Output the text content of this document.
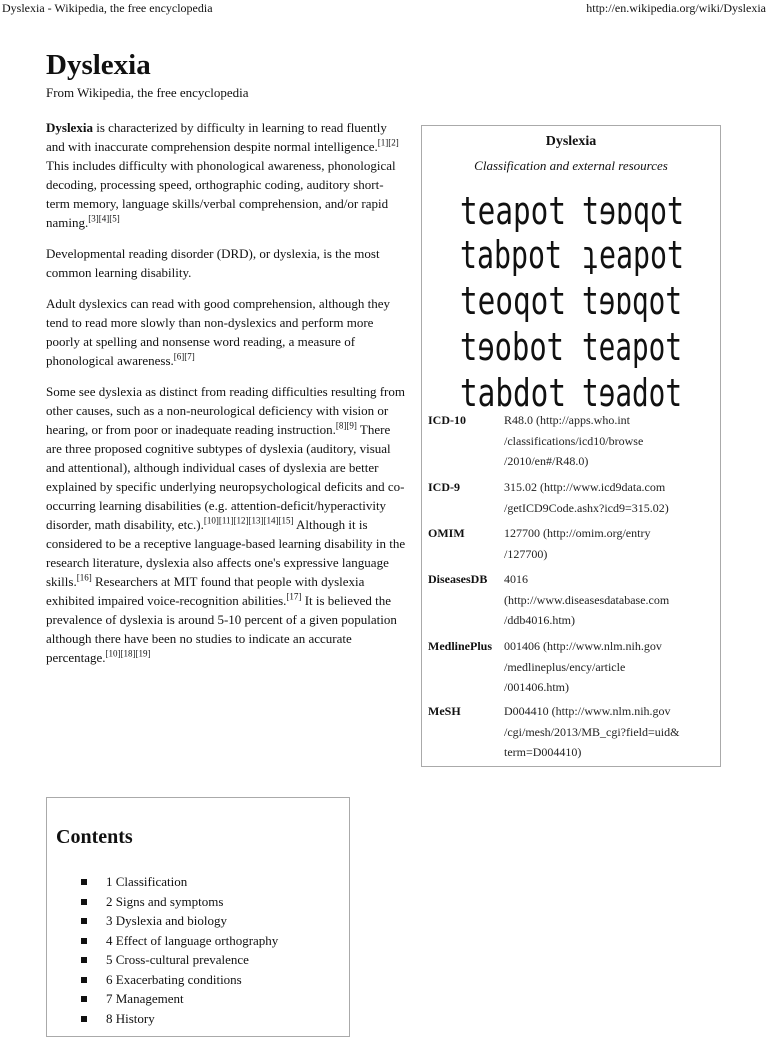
Dyslexia - Wikipedia, the free encyclopedia	http://en.wikipedia.org/wiki/Dyslexia
Dyslexia
From Wikipedia, the free encyclopedia

Dyslexia is characterized by difficulty in learning to read fluently and with inaccurate comprehension despite normal intelligence.[1][2] This includes difficulty with phonological awareness, phonological decoding, processing speed, orthographic coding, auditory short-term memory, language skills/verbal comprehension, and/or rapid naming.[3][4][5]

Developmental reading disorder (DRD), or dyslexia, is the most common learning disability.

Adult dyslexics can read with good comprehension, although they tend to read more slowly than non-dyslexics and perform more poorly at spelling and nonsense word reading, a measure of phonological awareness.[6][7]

Some see dyslexia as distinct from reading difficulties resulting from other causes, such as a non-neurological deficiency with vision or hearing, or from poor or inadequate reading instruction.[8][9] There are three proposed cognitive subtypes of dyslexia (auditory, visual and attentional), although individual cases of dyslexia are better explained by specific underlying neuropsychological deficits and co-occurring learning disabilities (e.g. attention-deficit/hyperactivity disorder, math disability, etc.).[10][11][12][13][14][15] Although it is considered to be a receptive language-based learning disability in the research literature, dyslexia also affects one's expressive language skills.[16] Researchers at MIT found that people with dyslexia exhibited impaired voice-recognition abilities.[17] It is believed the prevalence of dyslexia is around 5-10 percent of a given population although there have been no studies to indicate an accurate percentage.[10][18][19]

Dyslexia
Classification and external resources
teapot tɘɒqot
tabpot ʇeapot
teoqot tɘɒqot
tɘobot teapot
tabdot tɘadot
ICD-10	R48.0 (http://apps.who.int
/classifications/icd10/browse
/2010/en#/R48.0)
ICD-9	315.02 (http://www.icd9data.com
/getICD9Code.ashx?icd9=315.02)
OMIM	127700 (http://omim.org/entry
/127700)
DiseasesDB	4016
(http://www.diseasesdatabase.com
/ddb4016.htm)
MedlinePlus 001406 (http://www.nlm.nih.gov
/medlineplus/ency/article
/001406.htm)
MeSH	D004410 (http://www.nlm.nih.gov
/cgi/mesh/2013/MB_cgi?field=uid&
term=D004410)
Contents
1 Classification
2 Signs and symptoms
3 Dyslexia and biology
4 Effect of language orthography
5 Cross-cultural prevalence
6 Exacerbating conditions
7 Management
8 History
